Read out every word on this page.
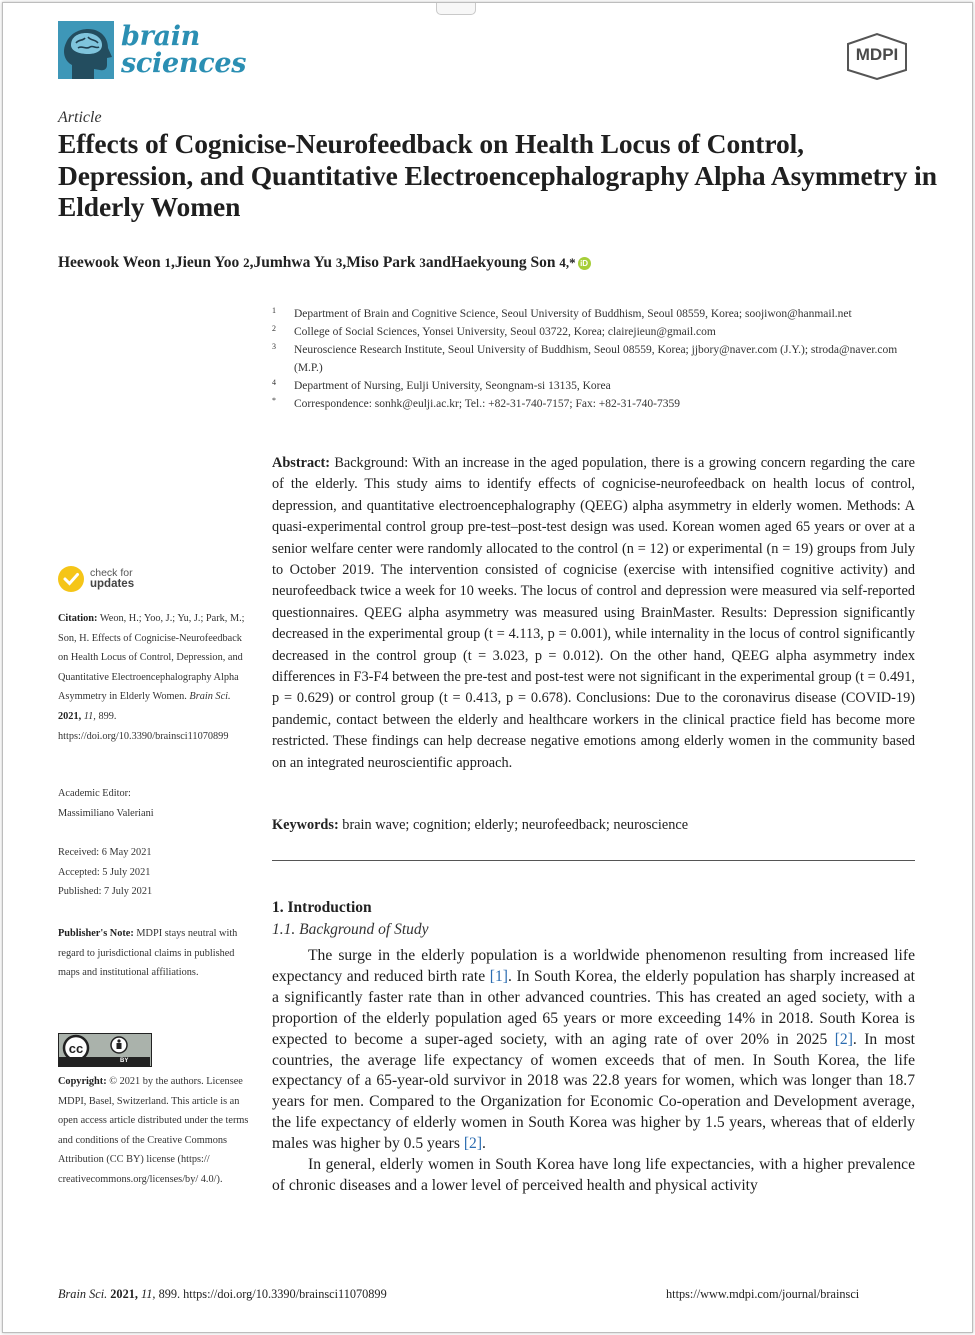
brain
sciences	MDPI
Article
Effects of Cognicise-Neurofeedback on Health Locus of Control, Depression, and Quantitative Electroencephalography Alpha Asymmetry in Elderly Women
Heewook Weon
1 , Jieun Yoo
2 , Jumhwa Yu
3 , Miso Park
3 and Haekyoung Son
4,* iD
1 Department of Brain and Cognitive Science, Seoul University of Buddhism, Seoul 08559, Korea; soojiwon@hanmail.net
2 College of Social Sciences, Yonsei University, Seoul 03722, Korea; clairejieun@gmail.com
3 Neuroscience Research Institute, Seoul University of Buddhism, Seoul 08559, Korea; jjbory@naver.com (J.Y.); stroda@naver.com (M.P.)
4 Department of Nursing, Eulji University, Seongnam-si 13135, Korea
* Correspondence: sonhk@eulji.ac.kr; Tel.: +82-31-740-7157; Fax: +82-31-740-7359
Abstract: Background: With an increase in the aged population, there is a growing concern regarding the care of the elderly. This study aims to identify effects of cognicise-neurofeedback on health locus of control, depression, and quantitative electroencephalography (QEEG) alpha asymmetry in elderly women. Methods: A quasi-experimental control group pre-test–post-test design was used. Korean women aged 65 years or over at a senior welfare center were randomly allocated to the control (n = 12) or experimental (n = 19) groups from July to October 2019. The intervention consisted of cognicise (exercise with intensified cognitive activity) and neurofeedback twice a week for 10 weeks. The locus of control and depression were measured via self-reported questionnaires. QEEG alpha asymmetry was measured using BrainMaster. Results: Depression significantly decreased in the experimental group (t = 4.113, p = 0.001), while internality in the locus of control significantly decreased in the control group (t = 3.023, p = 0.012). On the other hand, QEEG alpha asymmetry index differences in F3-F4 between the pre-test and post-test were not significant in the experimental group (t = 0.491, p = 0.629) or control group (t = 0.413, p = 0.678). Conclusions: Due to the coronavirus disease (COVID-19) pandemic, contact between the elderly and healthcare workers in the clinical practice field has become more restricted. These findings can help decrease negative emotions among elderly women in the community based on an integrated neuroscientific approach.
Keywords: brain wave; cognition; elderly; neurofeedback; neuroscience
1. Introduction
1.1. Background of Study

The surge in the elderly population is a worldwide phenomenon resulting from increased life expectancy and reduced birth rate [1]. In South Korea, the elderly population has sharply increased at a significantly faster rate than in other advanced countries. This has created an aged society, with a proportion of the elderly population aged 65 years or more exceeding 14% in 2018. South Korea is expected to become a super-aged society, with an aging rate of over 20% in 2025 [2]. In most countries, the average life expectancy of women exceeds that of men. In South Korea, the life expectancy of a 65-year-old survivor in 2018 was 22.8 years for women, which was longer than 18.7 years for men. Compared to the Organization for Economic Co-operation and Development average, the life expectancy of elderly women in South Korea was higher by 1.5 years, whereas that of elderly males was higher by 0.5 years [2].

In general, elderly women in South Korea have long life expectancies, with a higher prevalence of chronic diseases and a lower level of perceived health and physical activity

check for
updates
Citation: Weon, H.; Yoo, J.; Yu, J.; Park, M.; Son, H. Effects of Cognicise-Neurofeedback on Health Locus of Control, Depression, and Quantitative Electroencephalography Alpha Asymmetry in Elderly Women. Brain Sci. 2021, 11, 899. https://doi.org/10.3390/brainsci11070899
Academic Editor:
Massimiliano Valeriani
Received: 6 May 2021
Accepted: 5 July 2021
Published: 7 July 2021
Publisher's Note: MDPI stays neutral with regard to jurisdictional claims in published maps and institutional affiliations.
cc
BY
Copyright: © 2021 by the authors. Licensee MDPI, Basel, Switzerland. This article is an open access article distributed under the terms and conditions of the Creative Commons Attribution (CC BY) license (https:// creativecommons.org/licenses/by/ 4.0/).
Brain Sci. 2021, 11, 899. https://doi.org/10.3390/brainsci11070899	https://www.mdpi.com/journal/brainsci
